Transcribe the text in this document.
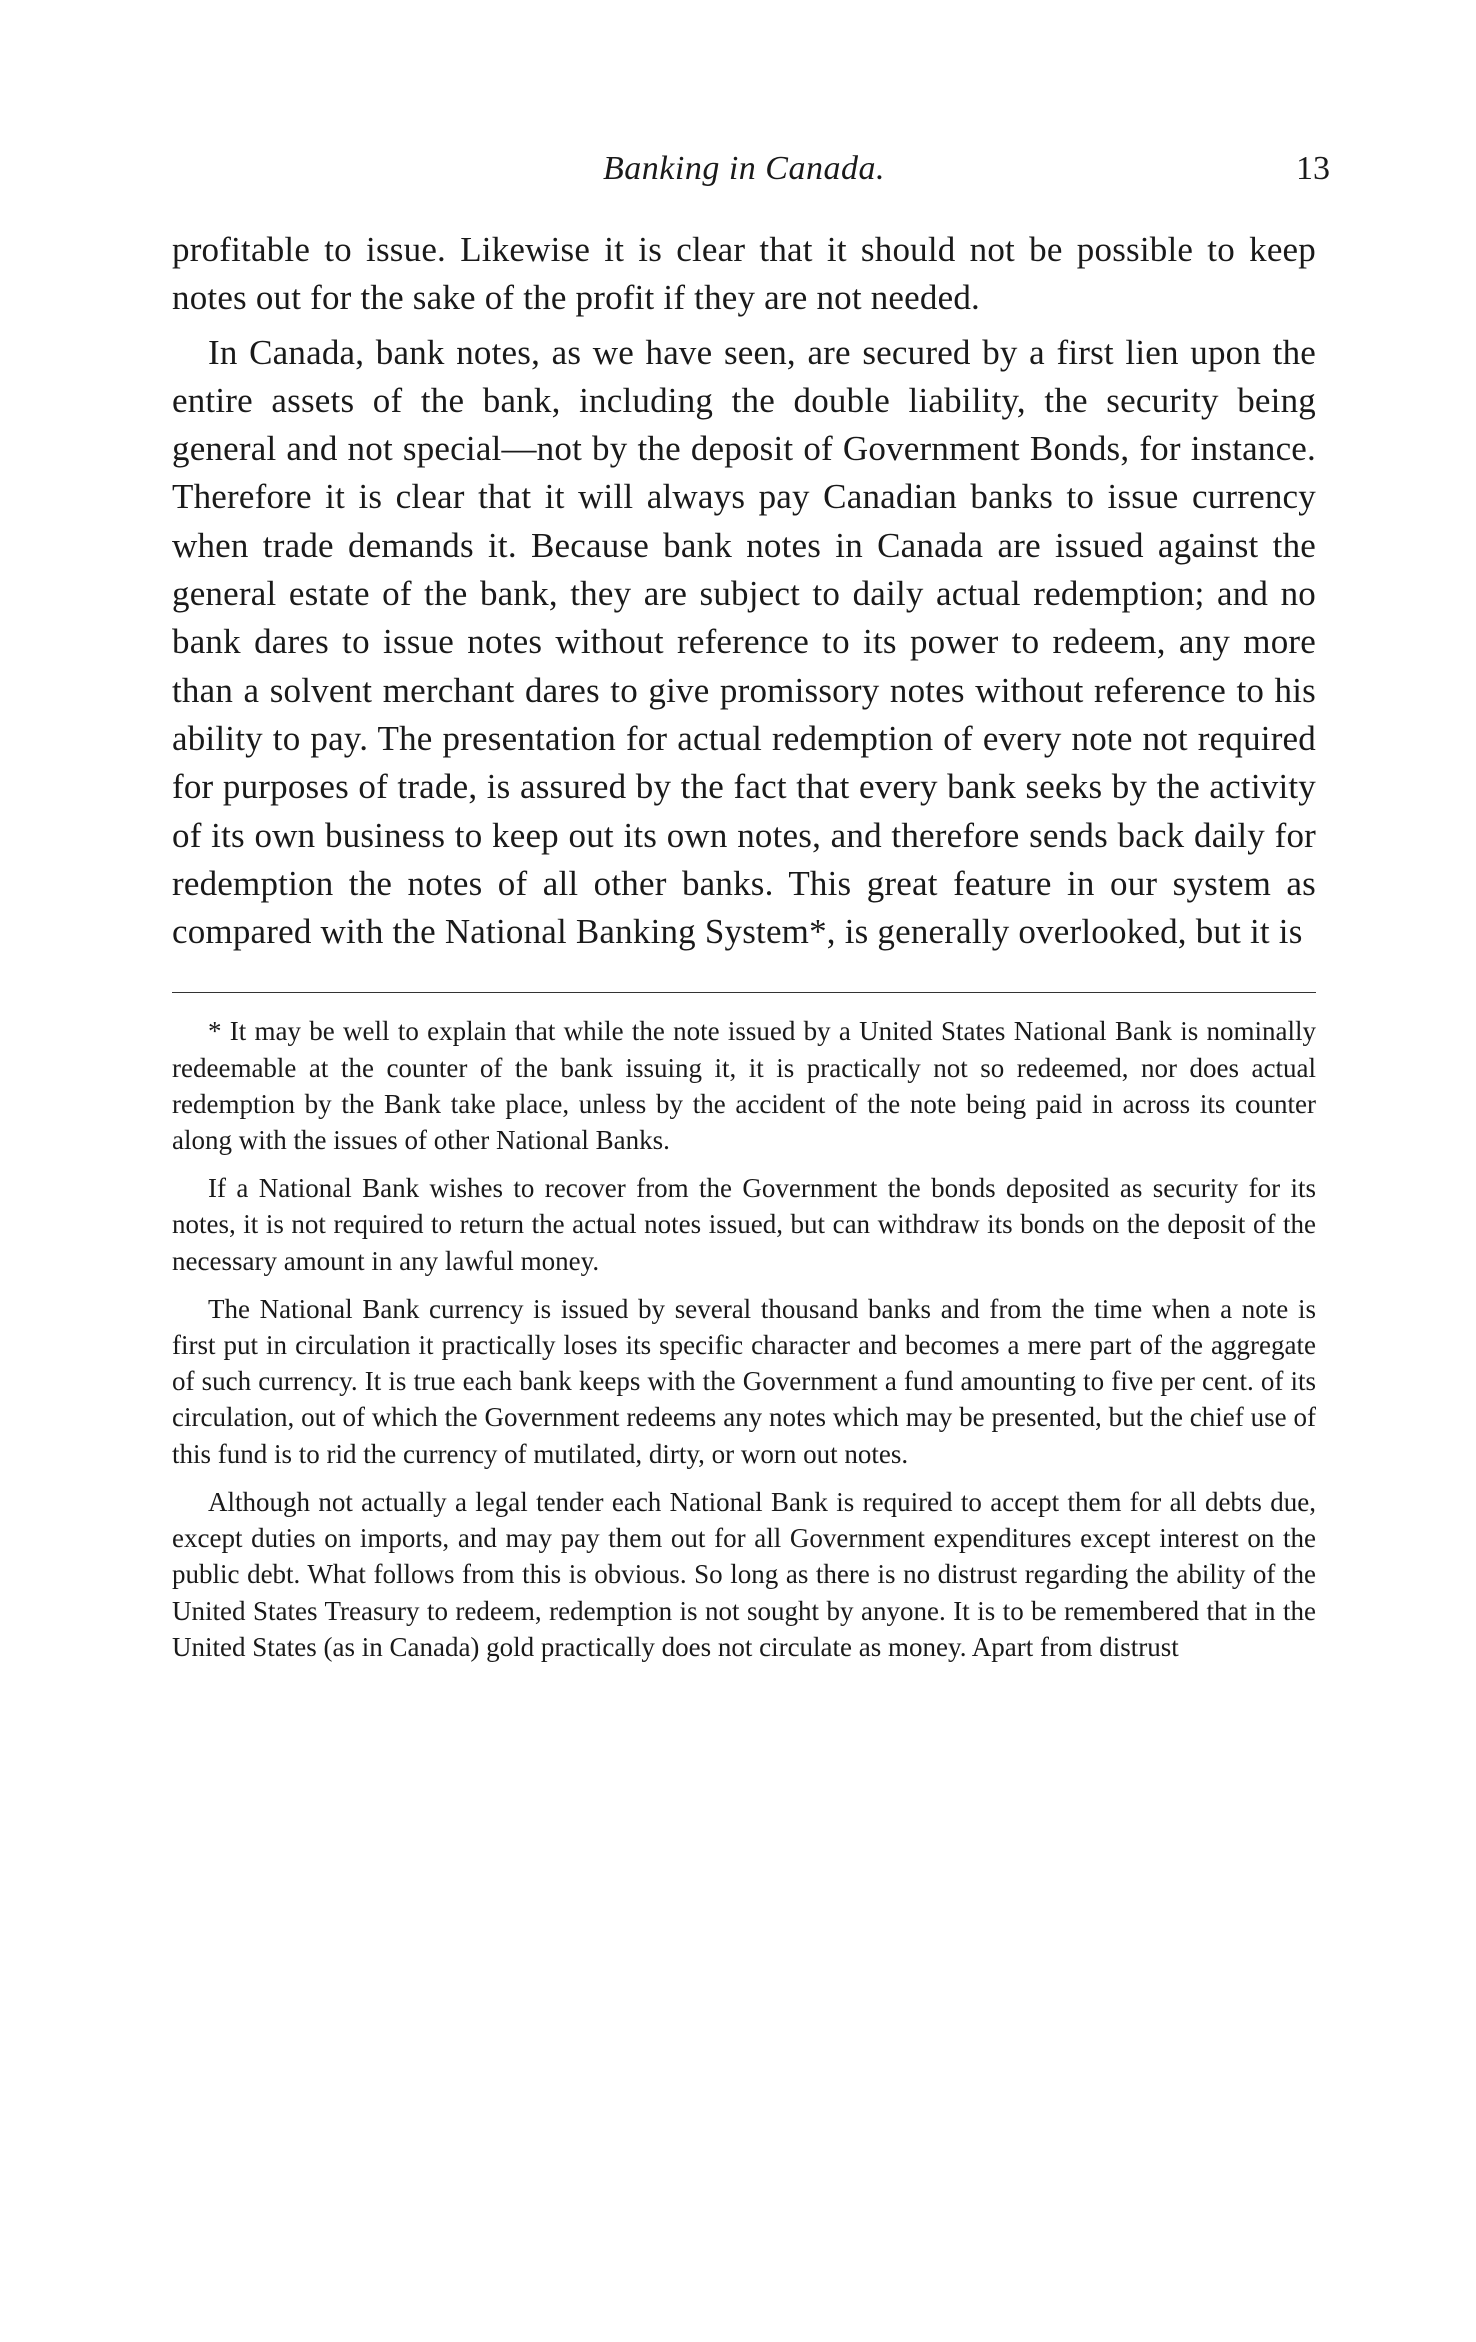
Banking in Canada.	13

profitable to issue. Likewise it is clear that it should not be possible to keep notes out for the sake of the profit if they are not needed.

In Canada, bank notes, as we have seen, are secured by a first lien upon the entire assets of the bank, including the double liability, the security being general and not special—not by the deposit of Government Bonds, for instance. Therefore it is clear that it will always pay Canadian banks to issue currency when trade demands it. Because bank notes in Canada are issued against the general estate of the bank, they are subject to daily actual redemption; and no bank dares to issue notes without reference to its power to redeem, any more than a solvent merchant dares to give promissory notes without reference to his ability to pay. The presentation for actual redemption of every note not required for purposes of trade, is assured by the fact that every bank seeks by the activity of its own business to keep out its own notes, and therefore sends back daily for redemption the notes of all other banks. This great feature in our system as compared with the National Banking System*, is generally overlooked, but it is

* It may be well to explain that while the note issued by a United States National Bank is nominally redeemable at the counter of the bank issuing it, it is practically not so redeemed, nor does actual redemption by the Bank take place, unless by the accident of the note being paid in across its counter along with the issues of other National Banks.

If a National Bank wishes to recover from the Government the bonds deposited as security for its notes, it is not required to return the actual notes issued, but can withdraw its bonds on the deposit of the necessary amount in any lawful money.

The National Bank currency is issued by several thousand banks and from the time when a note is first put in circulation it practically loses its specific character and becomes a mere part of the aggregate of such currency. It is true each bank keeps with the Government a fund amounting to five per cent. of its circulation, out of which the Government redeems any notes which may be presented, but the chief use of this fund is to rid the currency of mutilated, dirty, or worn out notes.

Although not actually a legal tender each National Bank is required to accept them for all debts due, except duties on imports, and may pay them out for all Government expenditures except interest on the public debt. What follows from this is obvious. So long as there is no distrust regarding the ability of the United States Treasury to redeem, redemption is not sought by anyone. It is to be remembered that in the United States (as in Canada) gold practically does not circulate as money. Apart from distrust
